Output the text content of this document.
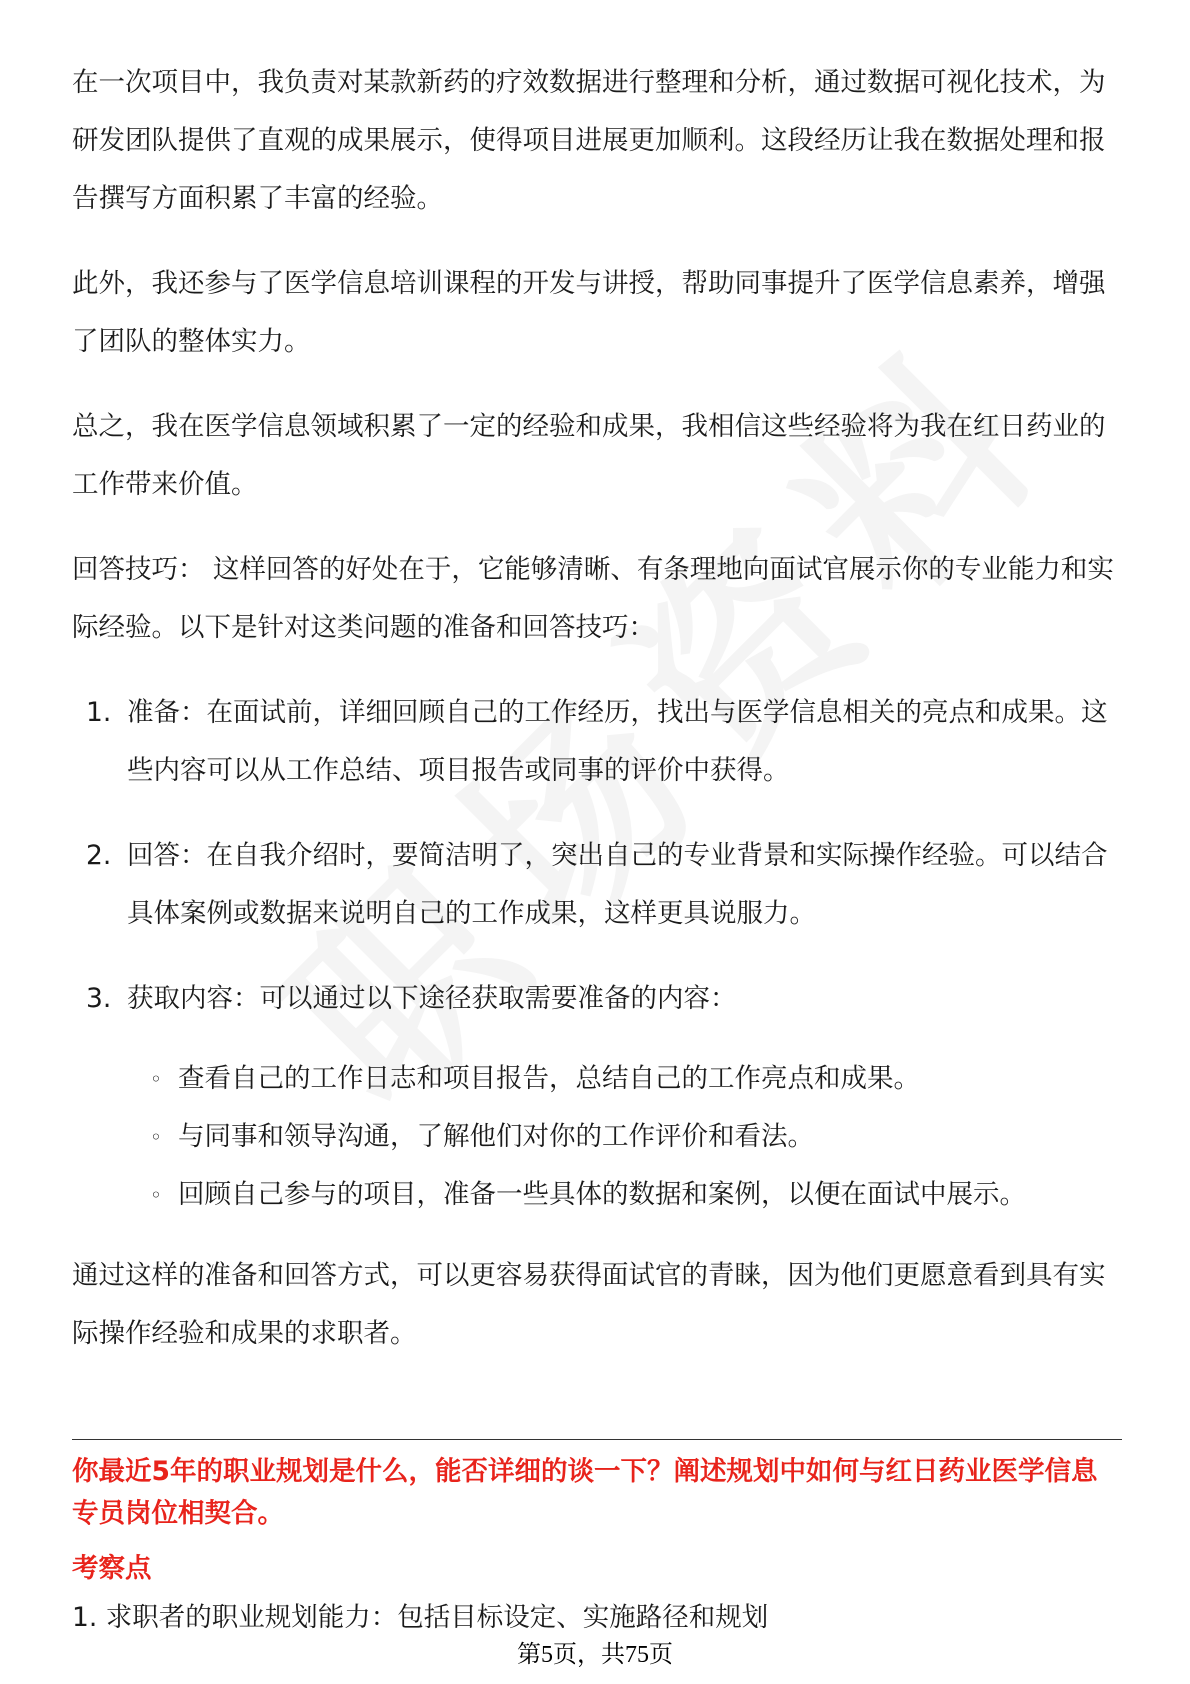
在一次项目中，我负责对某款新药的疗效数据进行整理和分析，通过数据可视化技术，为研发团队提供了直观的成果展示，使得项目进展更加顺利。这段经历让我在数据处理和报告撰写方面积累了丰富的经验。

此外，我还参与了医学信息培训课程的开发与讲授，帮助同事提升了医学信息素养，增强了团队的整体实力。

总之，我在医学信息领域积累了一定的经验和成果，我相信这些经验将为我在红日药业的工作带来价值。

回答技巧： 这样回答的好处在于，它能够清晰、有条理地向面试官展示你的专业能力和实际经验。以下是针对这类问题的准备和回答技巧：

1. 准备：在面试前，详细回顾自己的工作经历，找出与医学信息相关的亮点和成果。这些内容可以从工作总结、项目报告或同事的评价中获得。
2. 回答：在自我介绍时，要简洁明了，突出自己的专业背景和实际操作经验。可以结合具体案例或数据来说明自己的工作成果，这样更具说服力。
3. 获取内容：可以通过以下途径获取需要准备的内容：
◦ 查看自己的工作日志和项目报告，总结自己的工作亮点和成果。
◦ 与同事和领导沟通，了解他们对你的工作评价和看法。
◦ 回顾自己参与的项目，准备一些具体的数据和案例，以便在面试中展示。

通过这样的准备和回答方式，可以更容易获得面试官的青睐，因为他们更愿意看到具有实际操作经验和成果的求职者。

你最近5年的职业规划是什么，能否详细的谈一下？阐述规划中如何与红日药业医学信息专员岗位相契合。

考察点

1. 求职者的职业规划能力：包括目标设定、实施路径和规划
第5页，共75页
